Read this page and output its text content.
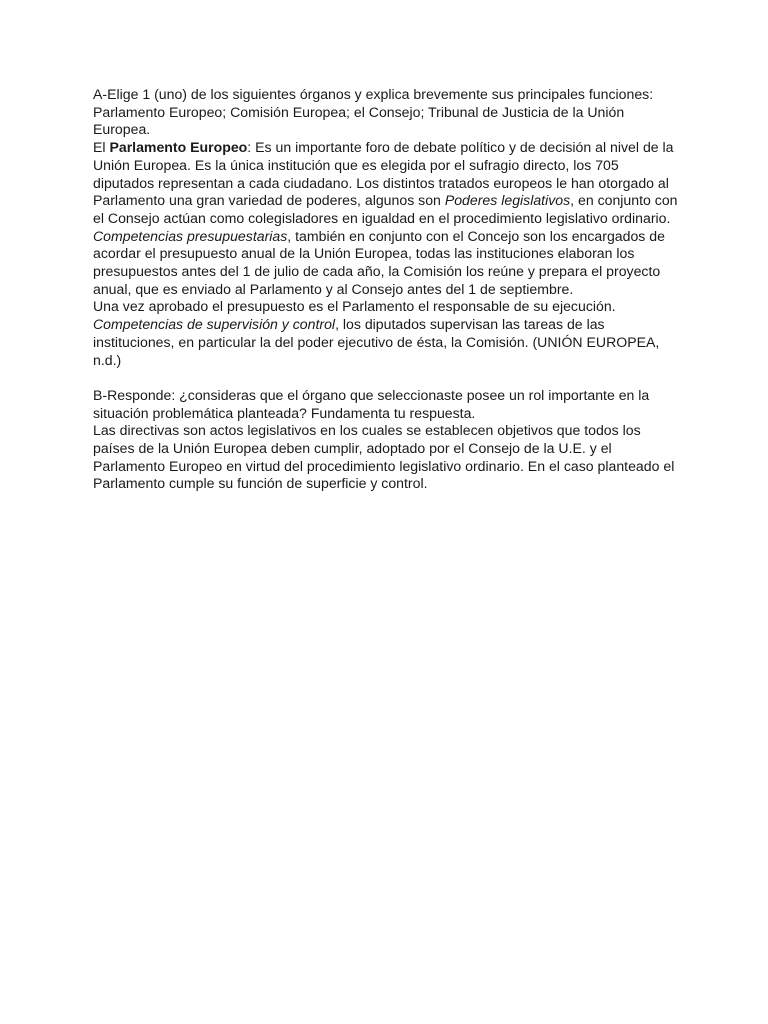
A-Elige 1 (uno) de los siguientes órganos y explica brevemente sus principales funciones: Parlamento Europeo; Comisión Europea; el Consejo; Tribunal de Justicia de la Unión Europea.

El Parlamento Europeo: Es un importante foro de debate político y de decisión al nivel de la Unión Europea. Es la única institución que es elegida por el sufragio directo, los 705 diputados representan a cada ciudadano. Los distintos tratados europeos le han otorgado al Parlamento una gran variedad de poderes, algunos son Poderes legislativos, en conjunto con el Consejo actúan como colegisladores en igualdad en el procedimiento legislativo ordinario. Competencias presupuestarias, también en conjunto con el Concejo son los encargados de acordar el presupuesto anual de la Unión Europea, todas las instituciones elaboran los presupuestos antes del 1 de julio de cada año, la Comisión los reúne y prepara el proyecto anual, que es enviado al Parlamento y al Consejo antes del 1 de septiembre.

Una vez aprobado el presupuesto es el Parlamento el responsable de su ejecución.

Competencias de supervisión y control, los diputados supervisan las tareas de las instituciones, en particular la del poder ejecutivo de ésta, la Comisión. (UNIÓN EUROPEA, n.d.)

B-Responde: ¿consideras que el órgano que seleccionaste posee un rol importante en la situación problemática planteada? Fundamenta tu respuesta.

Las directivas son actos legislativos en los cuales se establecen objetivos que todos los países de la Unión Europea deben cumplir, adoptado por el Consejo de la U.E. y el Parlamento Europeo en virtud del procedimiento legislativo ordinario. En el caso planteado el Parlamento cumple su función de superficie y control.
